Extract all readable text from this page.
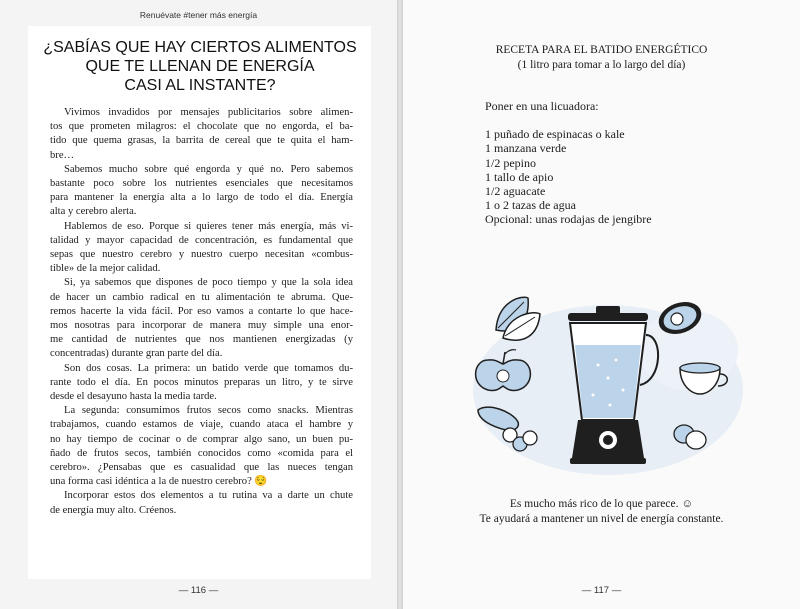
Renuévate #tener más energía
¿SABÍAS QUE HAY CIERTOS ALIMENTOS
QUE TE LLENAN DE ENERGÍA
CASI AL INSTANTE?
Vivimos invadidos por mensajes publicitarios sobre alimen-
tos que prometen milagros: el chocolate que no engorda, el ba-
tido que quema grasas, la barrita de cereal que te quita el ham-
bre…
Sabemos mucho sobre qué engorda y qué no. Pero sabemos
bastante poco sobre los nutrientes esenciales que necesitamos
para mantener la energía alta a lo largo de todo el día. Energía
alta y cerebro alerta.
Hablemos de eso. Porque si quieres tener más energía, más vi-
talidad y mayor capacidad de concentración, es fundamental que
sepas que nuestro cerebro y nuestro cuerpo necesitan «combus-
tible» de la mejor calidad.
Si, ya sabemos que dispones de poco tiempo y que la sola idea
de hacer un cambio radical en tu alimentación te abruma. Que-
remos hacerte la vida fácil. Por eso vamos a contarte lo que hace-
mos nosotras para incorporar de manera muy simple una enor-
me cantidad de nutrientes que nos mantienen energizadas (y
concentradas) durante gran parte del día.
Son dos cosas. La primera: un batido verde que tomamos du-
rante todo el día. En pocos minutos preparas un litro, y te sirve
desde el desayuno hasta la media tarde.
La segunda: consumimos frutos secos como snacks. Mientras
trabajamos, cuando estamos de viaje, cuando ataca el hambre y
no hay tiempo de cocinar o de comprar algo sano, un buen pu-
ñado de frutos secos, también conocidos como «comida para el
cerebro». ¿Pensabas que es casualidad que las nueces tengan
una forma casi idéntica a la de nuestro cerebro? 😌
Incorporar estos dos elementos a tu rutina va a darte un chute
de energía muy alto. Créenos.
— 116 —
RECETA PARA EL BATIDO ENERGÉTICO
(1 litro para tomar a lo largo del día)
Poner en una licuadora:
1 puñado de espinacas o kale
1 manzana verde
1/2 pepino
1 tallo de apio
1/2 aguacate
1 o 2 tazas de agua
Opcional: unas rodajas de jengibre
Es mucho más rico de lo que parece. ☺
Te ayudará a mantener un nivel de energía constante.
— 117 —
